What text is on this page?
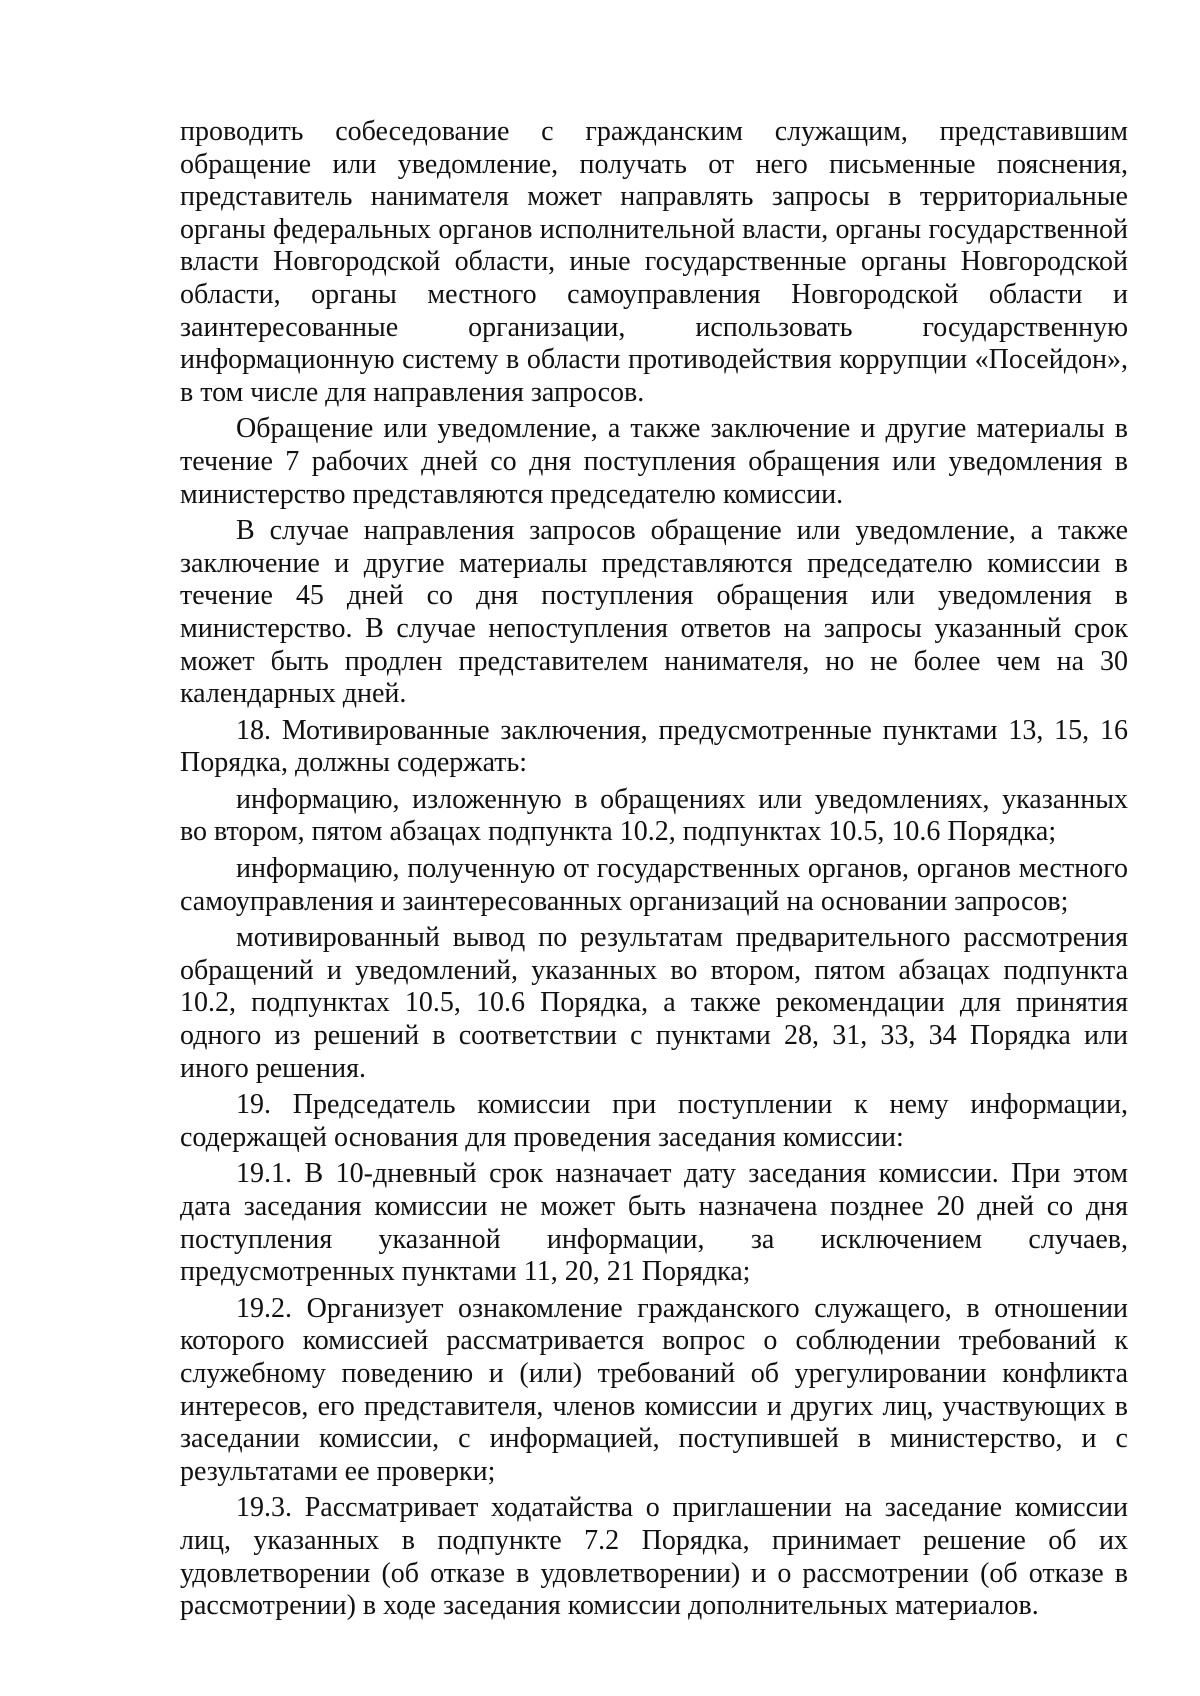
проводить собеседование с гражданским служащим, представившим обращение или уведомление, получать от него письменные пояснения, представитель нанимателя может направлять запросы в территориальные органы федеральных органов исполнительной власти, органы государственной власти Новгородской области, иные государственные органы Новгородской области, органы местного самоуправления Новгородской области и заинтересованные организации, использовать государственную информационную систему в области противодействия коррупции «Посейдон», в том числе для направления запросов.

Обращение или уведомление, а также заключение и другие материалы в течение 7 рабочих дней со дня поступления обращения или уведомления в министерство представляются председателю комиссии.

В случае направления запросов обращение или уведомление, а также заключение и другие материалы представляются председателю комиссии в течение 45 дней со дня поступления обращения или уведомления в министерство. В случае непоступления ответов на запросы указанный срок может быть продлен представителем нанимателя, но не более чем на 30 календарных дней.

18. Мотивированные заключения, предусмотренные пунктами 13, 15, 16 Порядка, должны содержать:

информацию, изложенную в обращениях или уведомлениях, указанных во втором, пятом абзацах подпункта 10.2, подпунктах 10.5, 10.6 Порядка;

информацию, полученную от государственных органов, органов местного самоуправления и заинтересованных организаций на основании запросов;

мотивированный вывод по результатам предварительного рассмотрения обращений и уведомлений, указанных во втором, пятом абзацах подпункта 10.2, подпунктах 10.5, 10.6 Порядка, а также рекомендации для принятия одного из решений в соответствии с пунктами 28, 31, 33, 34 Порядка или иного решения.

19. Председатель комиссии при поступлении к нему информации, содержащей основания для проведения заседания комиссии:

19.1. В 10-дневный срок назначает дату заседания комиссии. При этом дата заседания комиссии не может быть назначена позднее 20 дней со дня поступления указанной информации, за исключением случаев, предусмотренных пунктами 11, 20, 21 Порядка;

19.2. Организует ознакомление гражданского служащего, в отношении которого комиссией рассматривается вопрос о соблюдении требований к служебному поведению и (или) требований об урегулировании конфликта интересов, его представителя, членов комиссии и других лиц, участвующих в заседании комиссии, с информацией, поступившей в министерство, и с результатами ее проверки;

19.3. Рассматривает ходатайства о приглашении на заседание комиссии лиц, указанных в подпункте 7.2 Порядка, принимает решение об их удовлетворении (об отказе в удовлетворении) и о рассмотрении (об отказе в рассмотрении) в ходе заседания комиссии дополнительных материалов.
